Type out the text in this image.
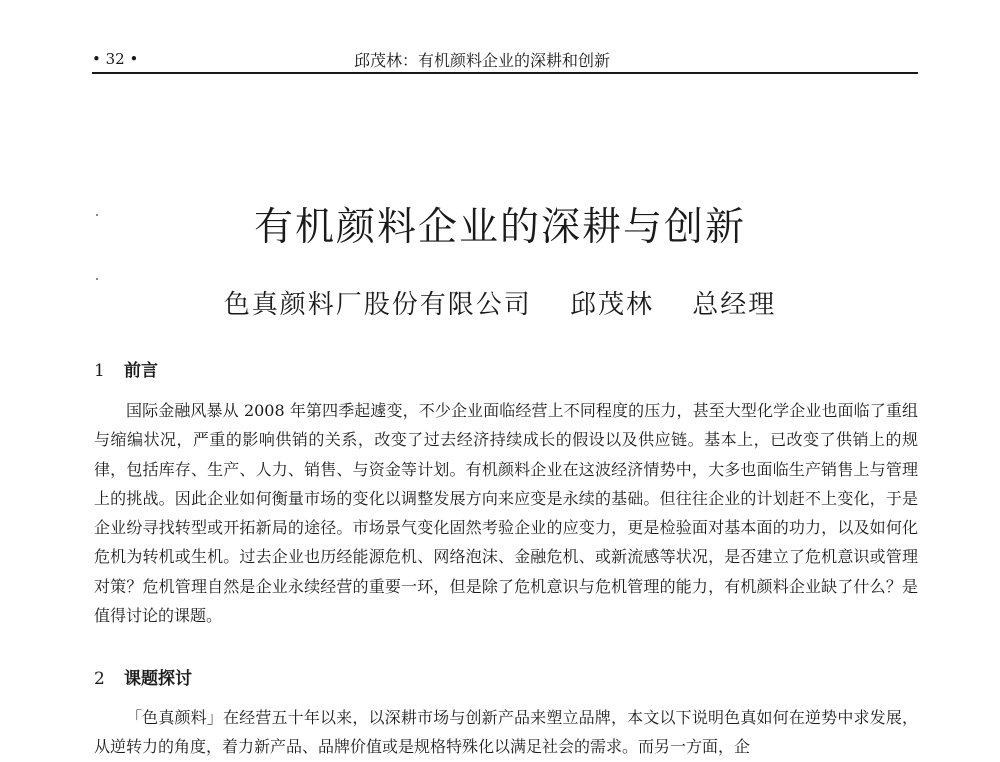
• 32 •	邱茂林：有机颜料企业的深耕和创新
有机颜料企业的深耕与创新
色真颜料厂股份有限公司 邱茂林 总经理
1 前言

国际金融风暴从 2008 年第四季起遽变，不少企业面临经营上不同程度的压力，甚至大型化学企业也面临了重组与缩编状况，严重的影响供销的关系，改变了过去经济持续成长的假设以及供应链。基本上，已改变了供销上的规律，包括库存、生产、人力、销售、与资金等计划。有机颜料企业在这波经济情势中，大多也面临生产销售上与管理上的挑战。因此企业如何衡量市场的变化以调整发展方向来应变是永续的基础。但往往企业的计划赶不上变化，于是企业纷寻找转型或开拓新局的途径。市场景气变化固然考验企业的应变力，更是检验面对基本面的功力，以及如何化危机为转机或生机。过去企业也历经能源危机、网络泡沫、金融危机、或新流感等状况，是否建立了危机意识或管理对策？危机管理自然是企业永续经营的重要一环，但是除了危机意识与危机管理的能力，有机颜料企业缺了什么？是值得讨论的课题。

2 课题探讨

「色真颜料」在经营五十年以来，以深耕市场与创新产品来塑立品牌，本文以下说明色真如何在逆势中求发展，从逆转力的角度，着力新产品、品牌价值或是规格特殊化以满足社会的需求。而另一方面，企
